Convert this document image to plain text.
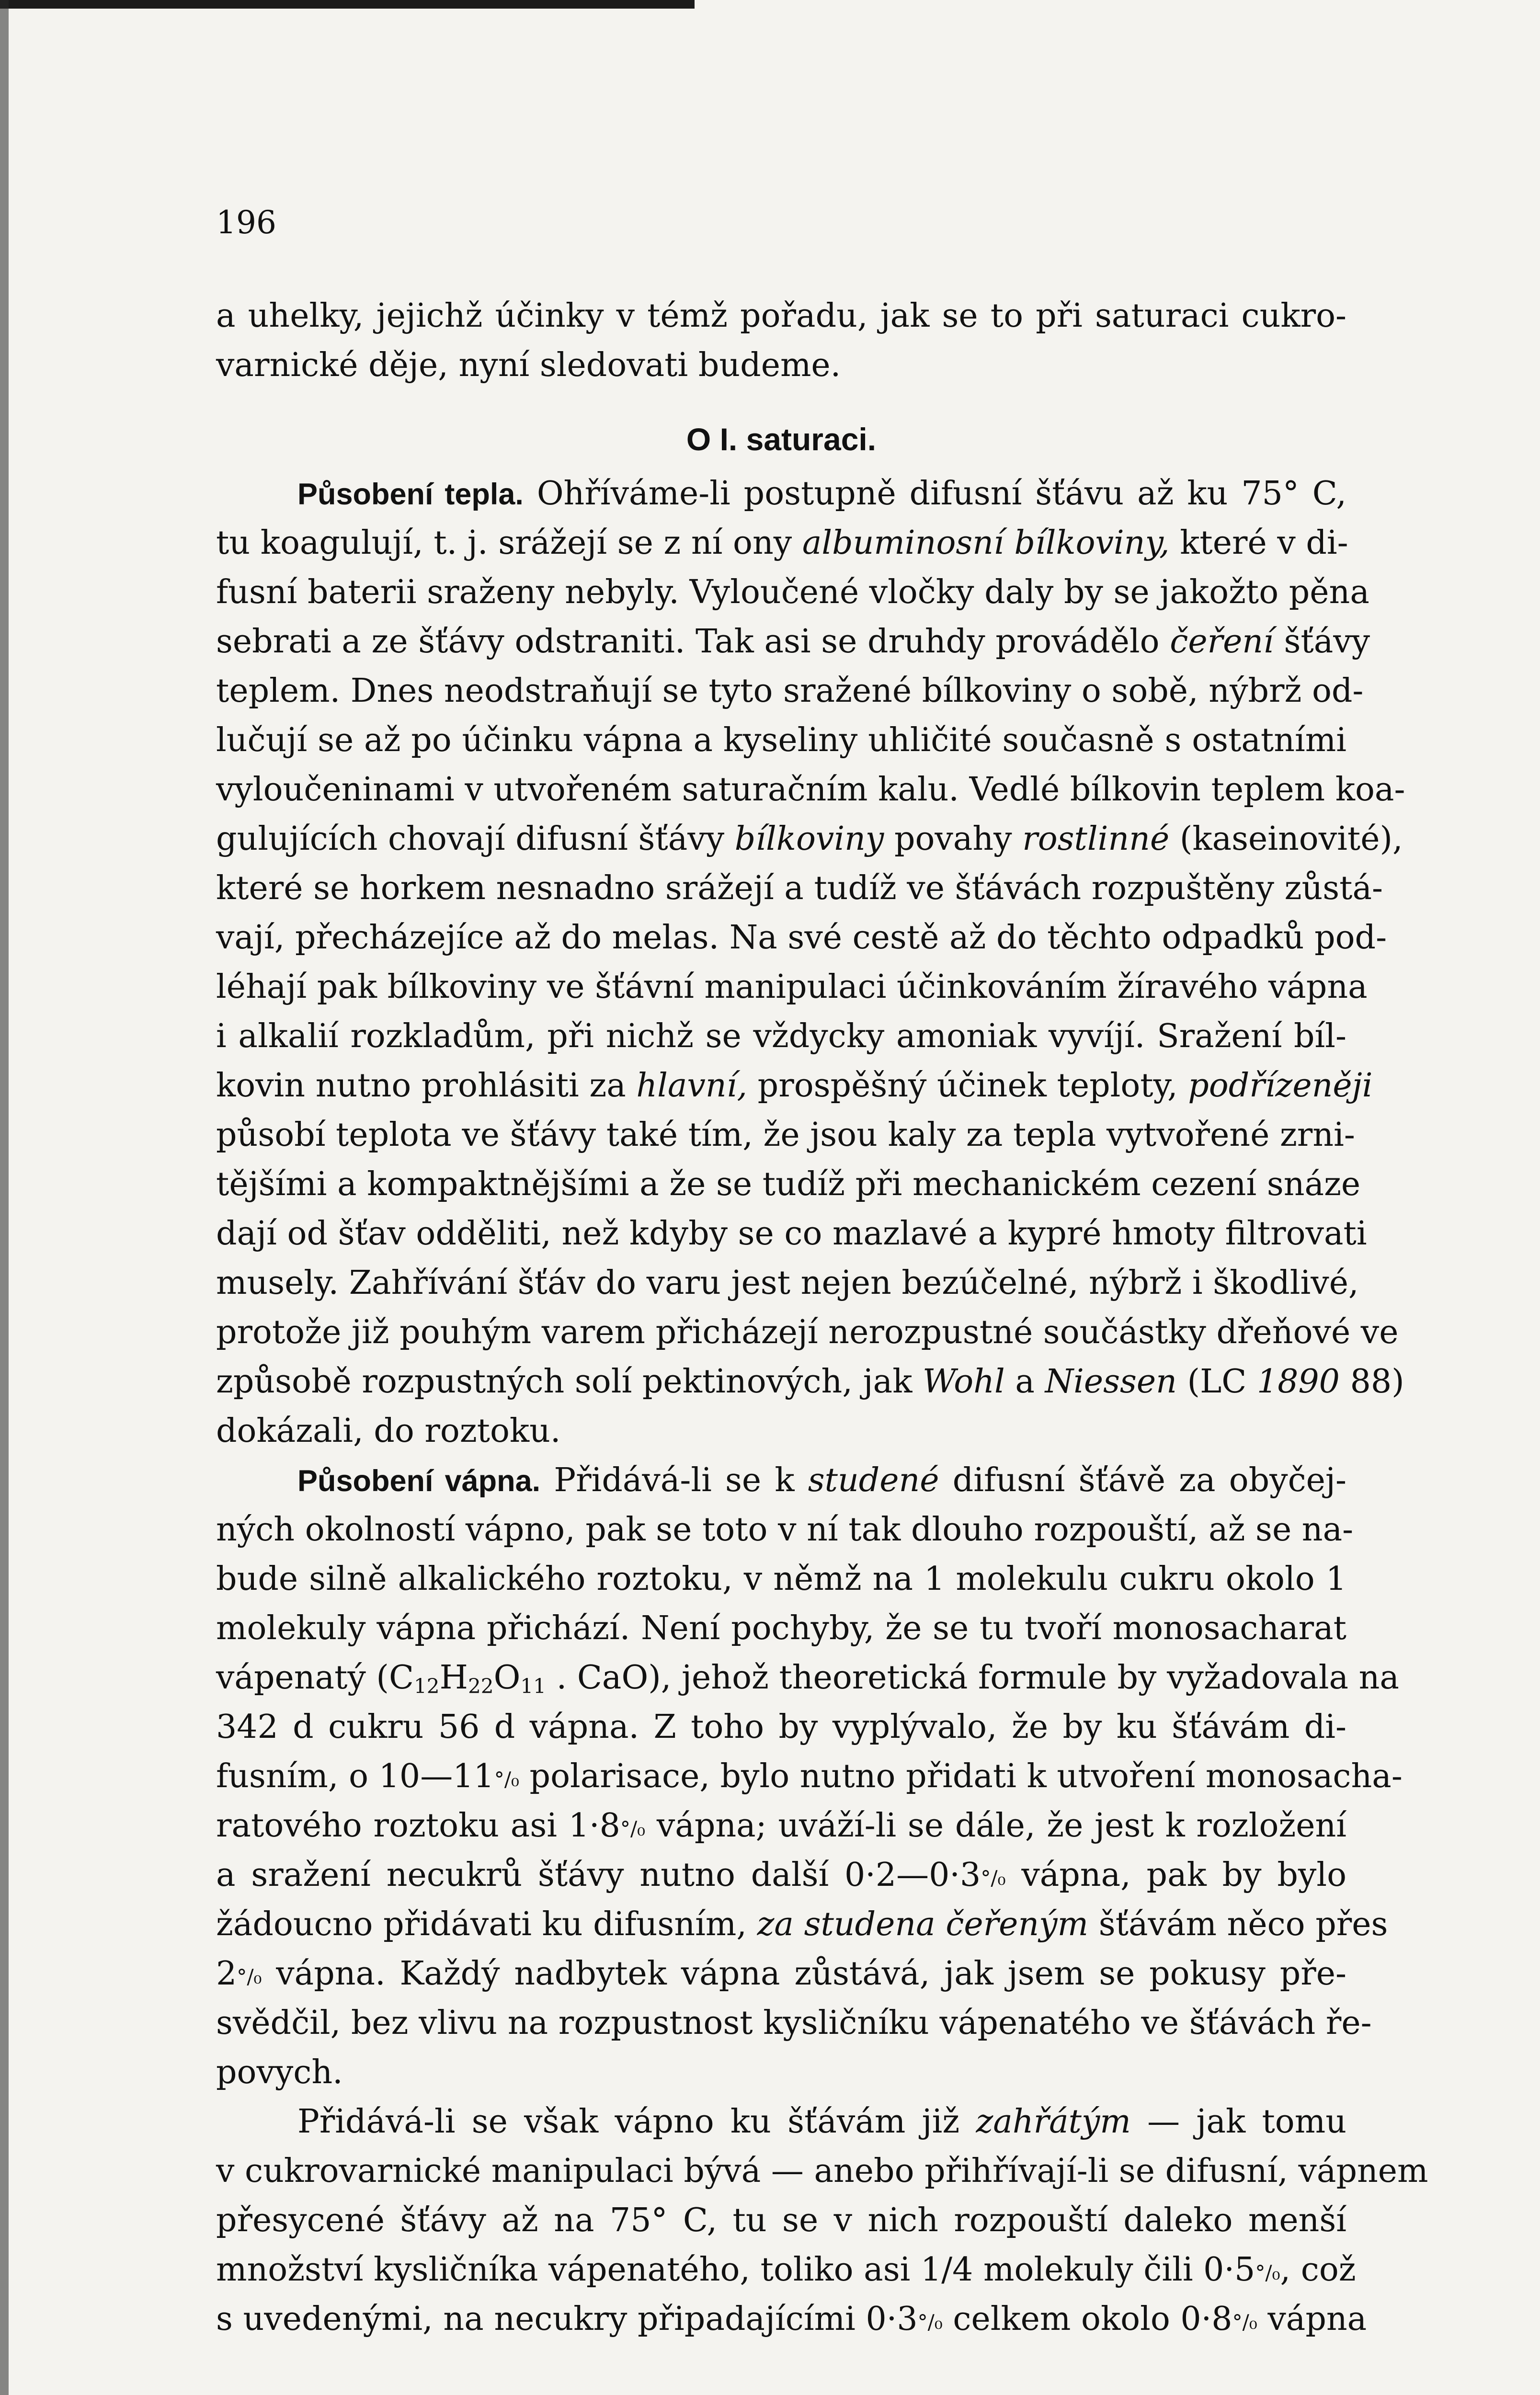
196
a uhelky, jejichž účinky v témž pořadu, jak se to při saturaci cukro-
varnické děje, nyní sledovati budeme.
O I. saturaci.
Působení tepla. Ohříváme-li postupně difusní šťávu až ku 75° C,
tu koagulují, t. j. srážejí se z ní ony albuminosní bílkoviny, které v di-
fusní baterii sraženy nebyly. Vyloučené vločky daly by se jakožto pěna
sebrati a ze šťávy odstraniti. Tak asi se druhdy provádělo čeření šťávy
teplem. Dnes neodstraňují se tyto sražené bílkoviny o sobě, nýbrž od-
lučují se až po účinku vápna a kyseliny uhličité současně s ostatními
vyloučeninami v utvořeném saturačním kalu. Vedlé bílkovin teplem koa-
gulujících chovají difusní šťávy bílkoviny povahy rostlinné (kaseinovité),
které se horkem nesnadno srážejí a tudíž ve šťávách rozpuštěny zůstá-
vají, přecházejíce až do melas. Na své cestě až do těchto odpadků pod-
léhají pak bílkoviny ve šťávní manipulaci účinkováním žíravého vápna
i alkalií rozkladům, při nichž se vždycky amoniak vyvíjí. Sražení bíl-
kovin nutno prohlásiti za hlavní, prospěšný účinek teploty, podřízeněji
působí teplota ve šťávy také tím, že jsou kaly za tepla vytvořené zrni-
tějšími a kompaktnějšími a že se tudíž při mechanickém cezení snáze
dají od šťav odděliti, než kdyby se co mazlavé a kypré hmoty filtrovati
musely. Zahřívání šťáv do varu jest nejen bezúčelné, nýbrž i škodlivé,
protože již pouhým varem přicházejí nerozpustné součástky dřeňové ve
způsobě rozpustných solí pektinových, jak Wohl a Niessen (LC 1890 88)
dokázali, do roztoku.
Působení vápna. Přidává-li se k studené difusní šťávě za obyčej-
ných okolností vápno, pak se toto v ní tak dlouho rozpouští, až se na-
bude silně alkalického roztoku, v němž na 1 molekulu cukru okolo 1
molekuly vápna přichází. Není pochyby, že se tu tvoří monosacharat
vápenatý ($C_{12}H_{22}O_{11}$ . CaO), jehož theoretická formule by vyžadovala na
342 d cukru 56 d vápna. Z toho by vyplývalo, že by ku šťávám di-
fusním, o 10—11°/₀ polarisace, bylo nutno přidati k utvoření monosacha-
ratového roztoku asi 1·8°/₀ vápna; uváží-li se dále, že jest k rozložení
a sražení necukrů šťávy nutno další 0·2—0·3°/₀ vápna, pak by bylo
žádoucno přidávati ku difusním, za studena čeřeným šťávám něco přes
2°/₀ vápna. Každý nadbytek vápna zůstává, jak jsem se pokusy pře-
svědčil, bez vlivu na rozpustnost kysličníku vápenatého ve šťávách ře-
povych.
Přidává-li se však vápno ku šťávám již zahřátým — jak tomu
v cukrovarnické manipulaci bývá — anebo přihřívají-li se difusní, vápnem
přesycené šťávy až na 75° C, tu se v nich rozpouští daleko menší
množství kysličníka vápenatého, toliko asi 1/4 molekuly čili 0·5°/₀, což
s uvedenými, na necukry připadajícími 0·3°/₀ celkem okolo 0·8°/₀ vápna
